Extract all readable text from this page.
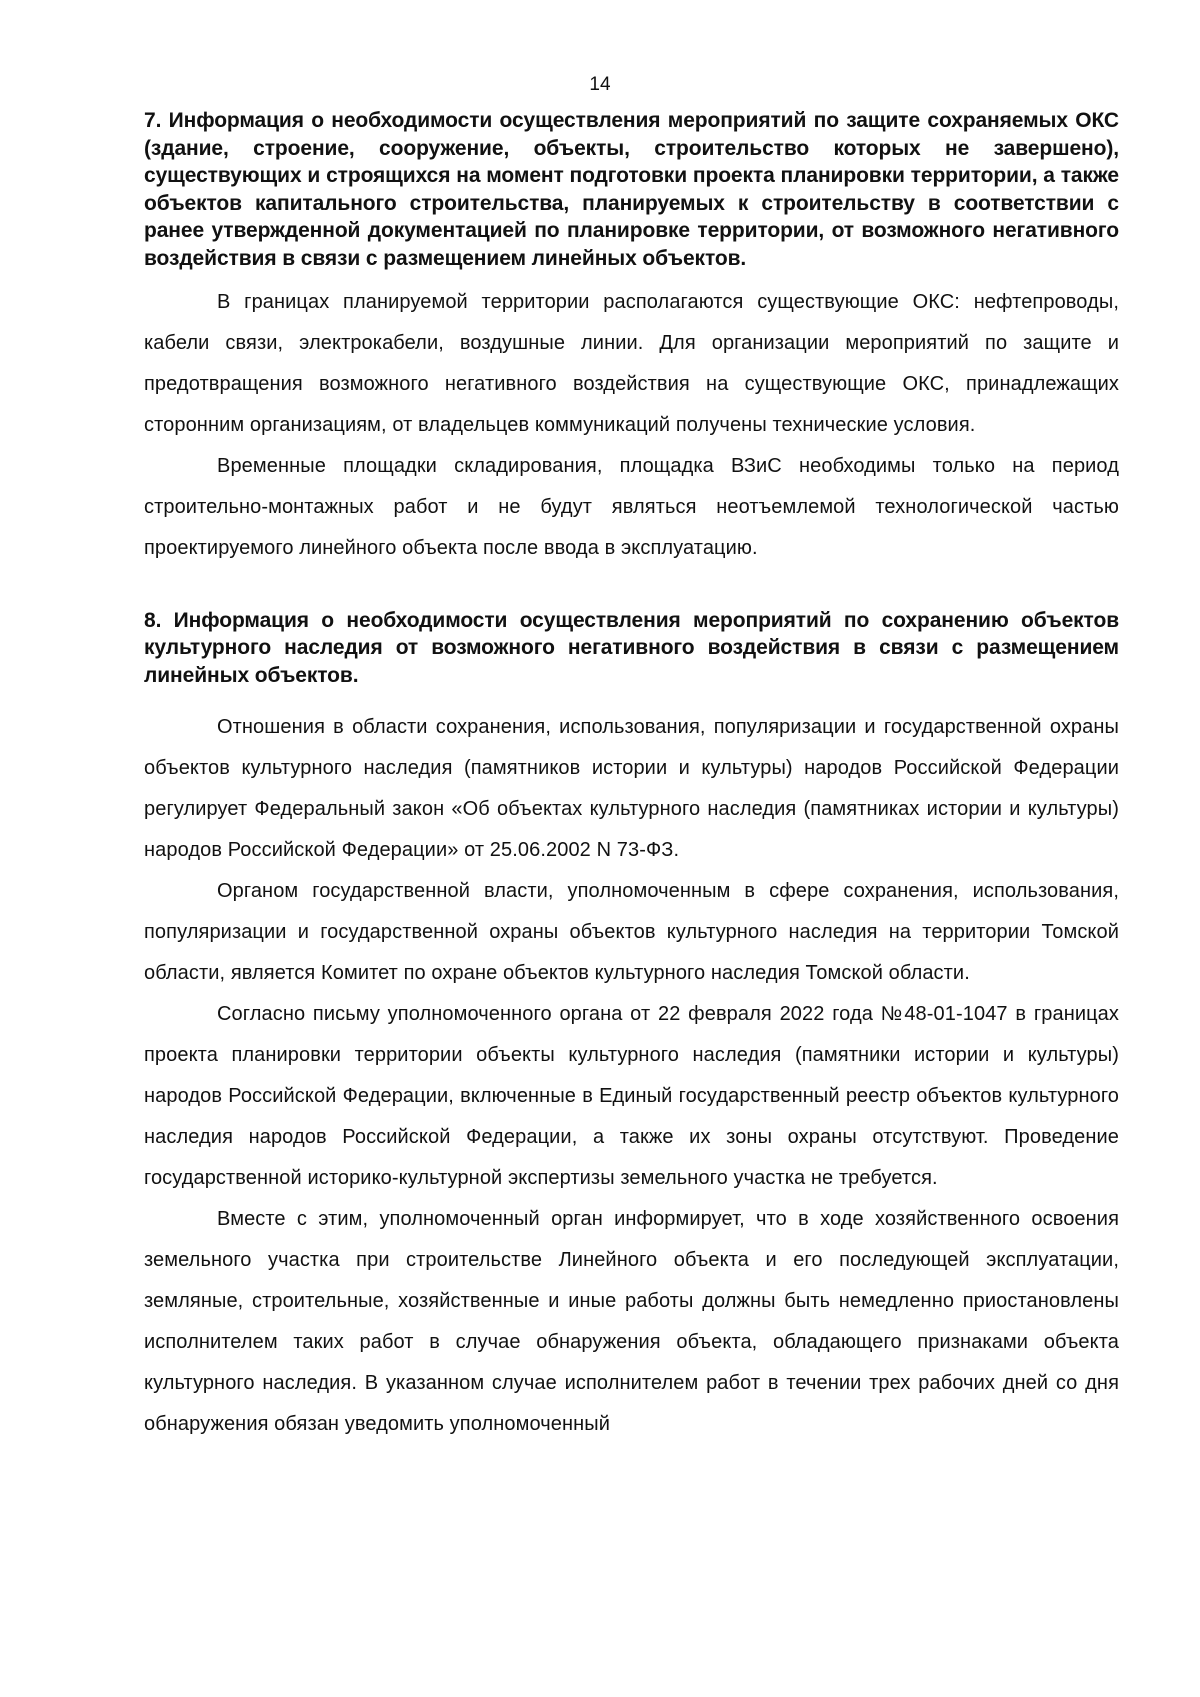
14

7. Информация о необходимости осуществления мероприятий по защите сохраняемых ОКС (здание, строение, сооружение, объекты, строительство которых не завершено), существующих и строящихся на момент подготовки проекта планировки территории, а также объектов капитального строительства, планируемых к строительству в соответствии с ранее утвержденной документацией по планировке территории, от возможного негативного воздействия в связи с размещением линейных объектов.

В границах планируемой территории располагаются существующие ОКС: нефтепроводы, кабели связи, электрокабели, воздушные линии. Для организации мероприятий по защите и предотвращения возможного негативного воздействия на существующие ОКС, принадлежащих сторонним организациям, от владельцев коммуникаций получены технические условия.

Временные площадки складирования, площадка ВЗиС необходимы только на период строительно-монтажных работ и не будут являться неотъемлемой технологической частью проектируемого линейного объекта после ввода в эксплуатацию.

8. Информация о необходимости осуществления мероприятий по сохранению объектов культурного наследия от возможного негативного воздействия в связи с размещением линейных объектов.

Отношения в области сохранения, использования, популяризации и государственной охраны объектов культурного наследия (памятников истории и культуры) народов Российской Федерации регулирует Федеральный закон «Об объектах культурного наследия (памятниках истории и культуры) народов Российской Федерации» от 25.06.2002 N 73-ФЗ.

Органом государственной власти, уполномоченным в сфере сохранения, использования, популяризации и государственной охраны объектов культурного наследия на территории Томской области, является Комитет по охране объектов культурного наследия Томской области.

Согласно письму уполномоченного органа от 22 февраля 2022 года №48-01-1047 в границах проекта планировки территории объекты культурного наследия (памятники истории и культуры) народов Российской Федерации, включенные в Единый государственный реестр объектов культурного наследия народов Российской Федерации, а также их зоны охраны отсутствуют. Проведение государственной историко-культурной экспертизы земельного участка не требуется.

Вместе с этим, уполномоченный орган информирует, что в ходе хозяйственного освоения земельного участка при строительстве Линейного объекта и его последующей эксплуатации, земляные, строительные, хозяйственные и иные работы должны быть немедленно приостановлены исполнителем таких работ в случае обнаружения объекта, обладающего признаками объекта культурного наследия. В указанном случае исполнителем работ в течении трех рабочих дней со дня обнаружения обязан уведомить уполномоченный
